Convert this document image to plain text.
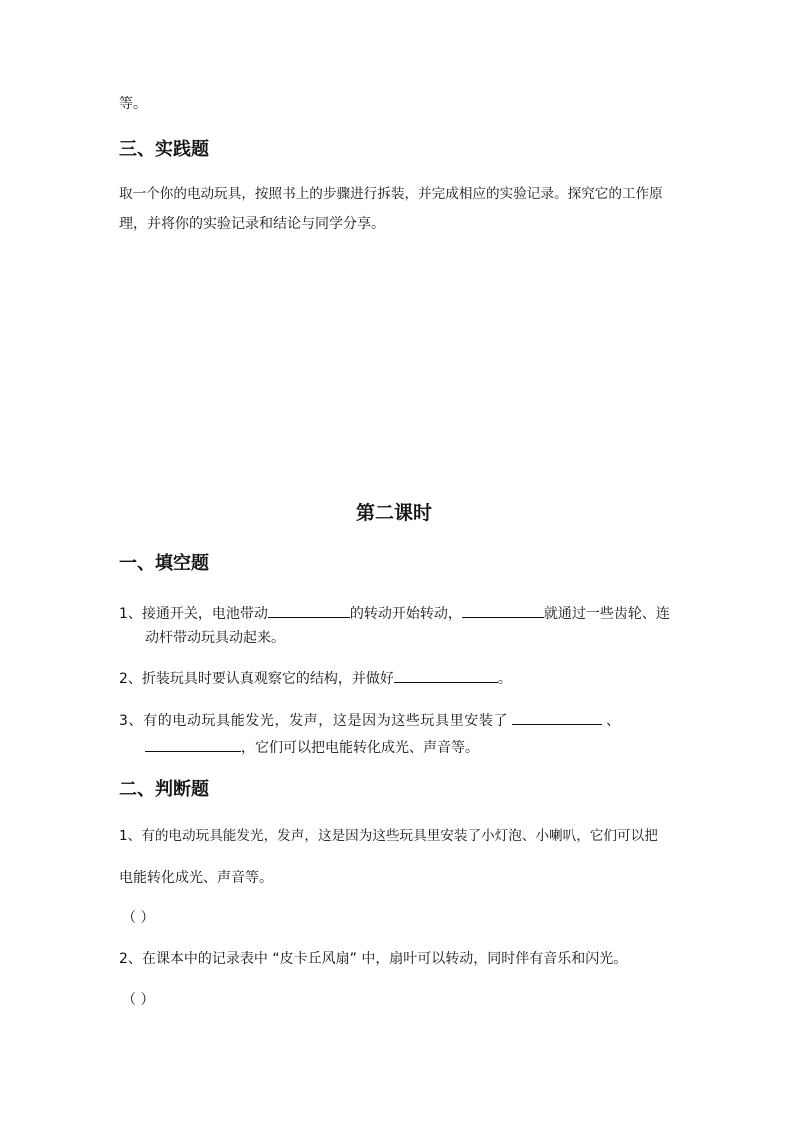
等。
三、实践题
取一个你的电动玩具，按照书上的步骤进行拆装，并完成相应的实验记录。探究它的工作原
理，并将你的实验记录和结论与同学分享。
第二课时
一、填空题
1、接通开关，电池带动	的转动开始转动，	就通过一些齿轮、连
动杆带动玩具动起来。
2、折装玩具时要认真观察它的结构，并做好	。
3、有的电动玩具能发光，发声，这是因为这些玩具里安装了	、
，它们可以把电能转化成光、声音等。
二、判断题
1、有的电动玩具能发光，发声，这是因为这些玩具里安装了小灯泡、小喇叭，它们可以把
电能转化成光、声音等。
（ ）
2、在课本中的记录表中 “皮卡丘风扇” 中，扇叶可以转动，同时伴有音乐和闪光。
（ ）
